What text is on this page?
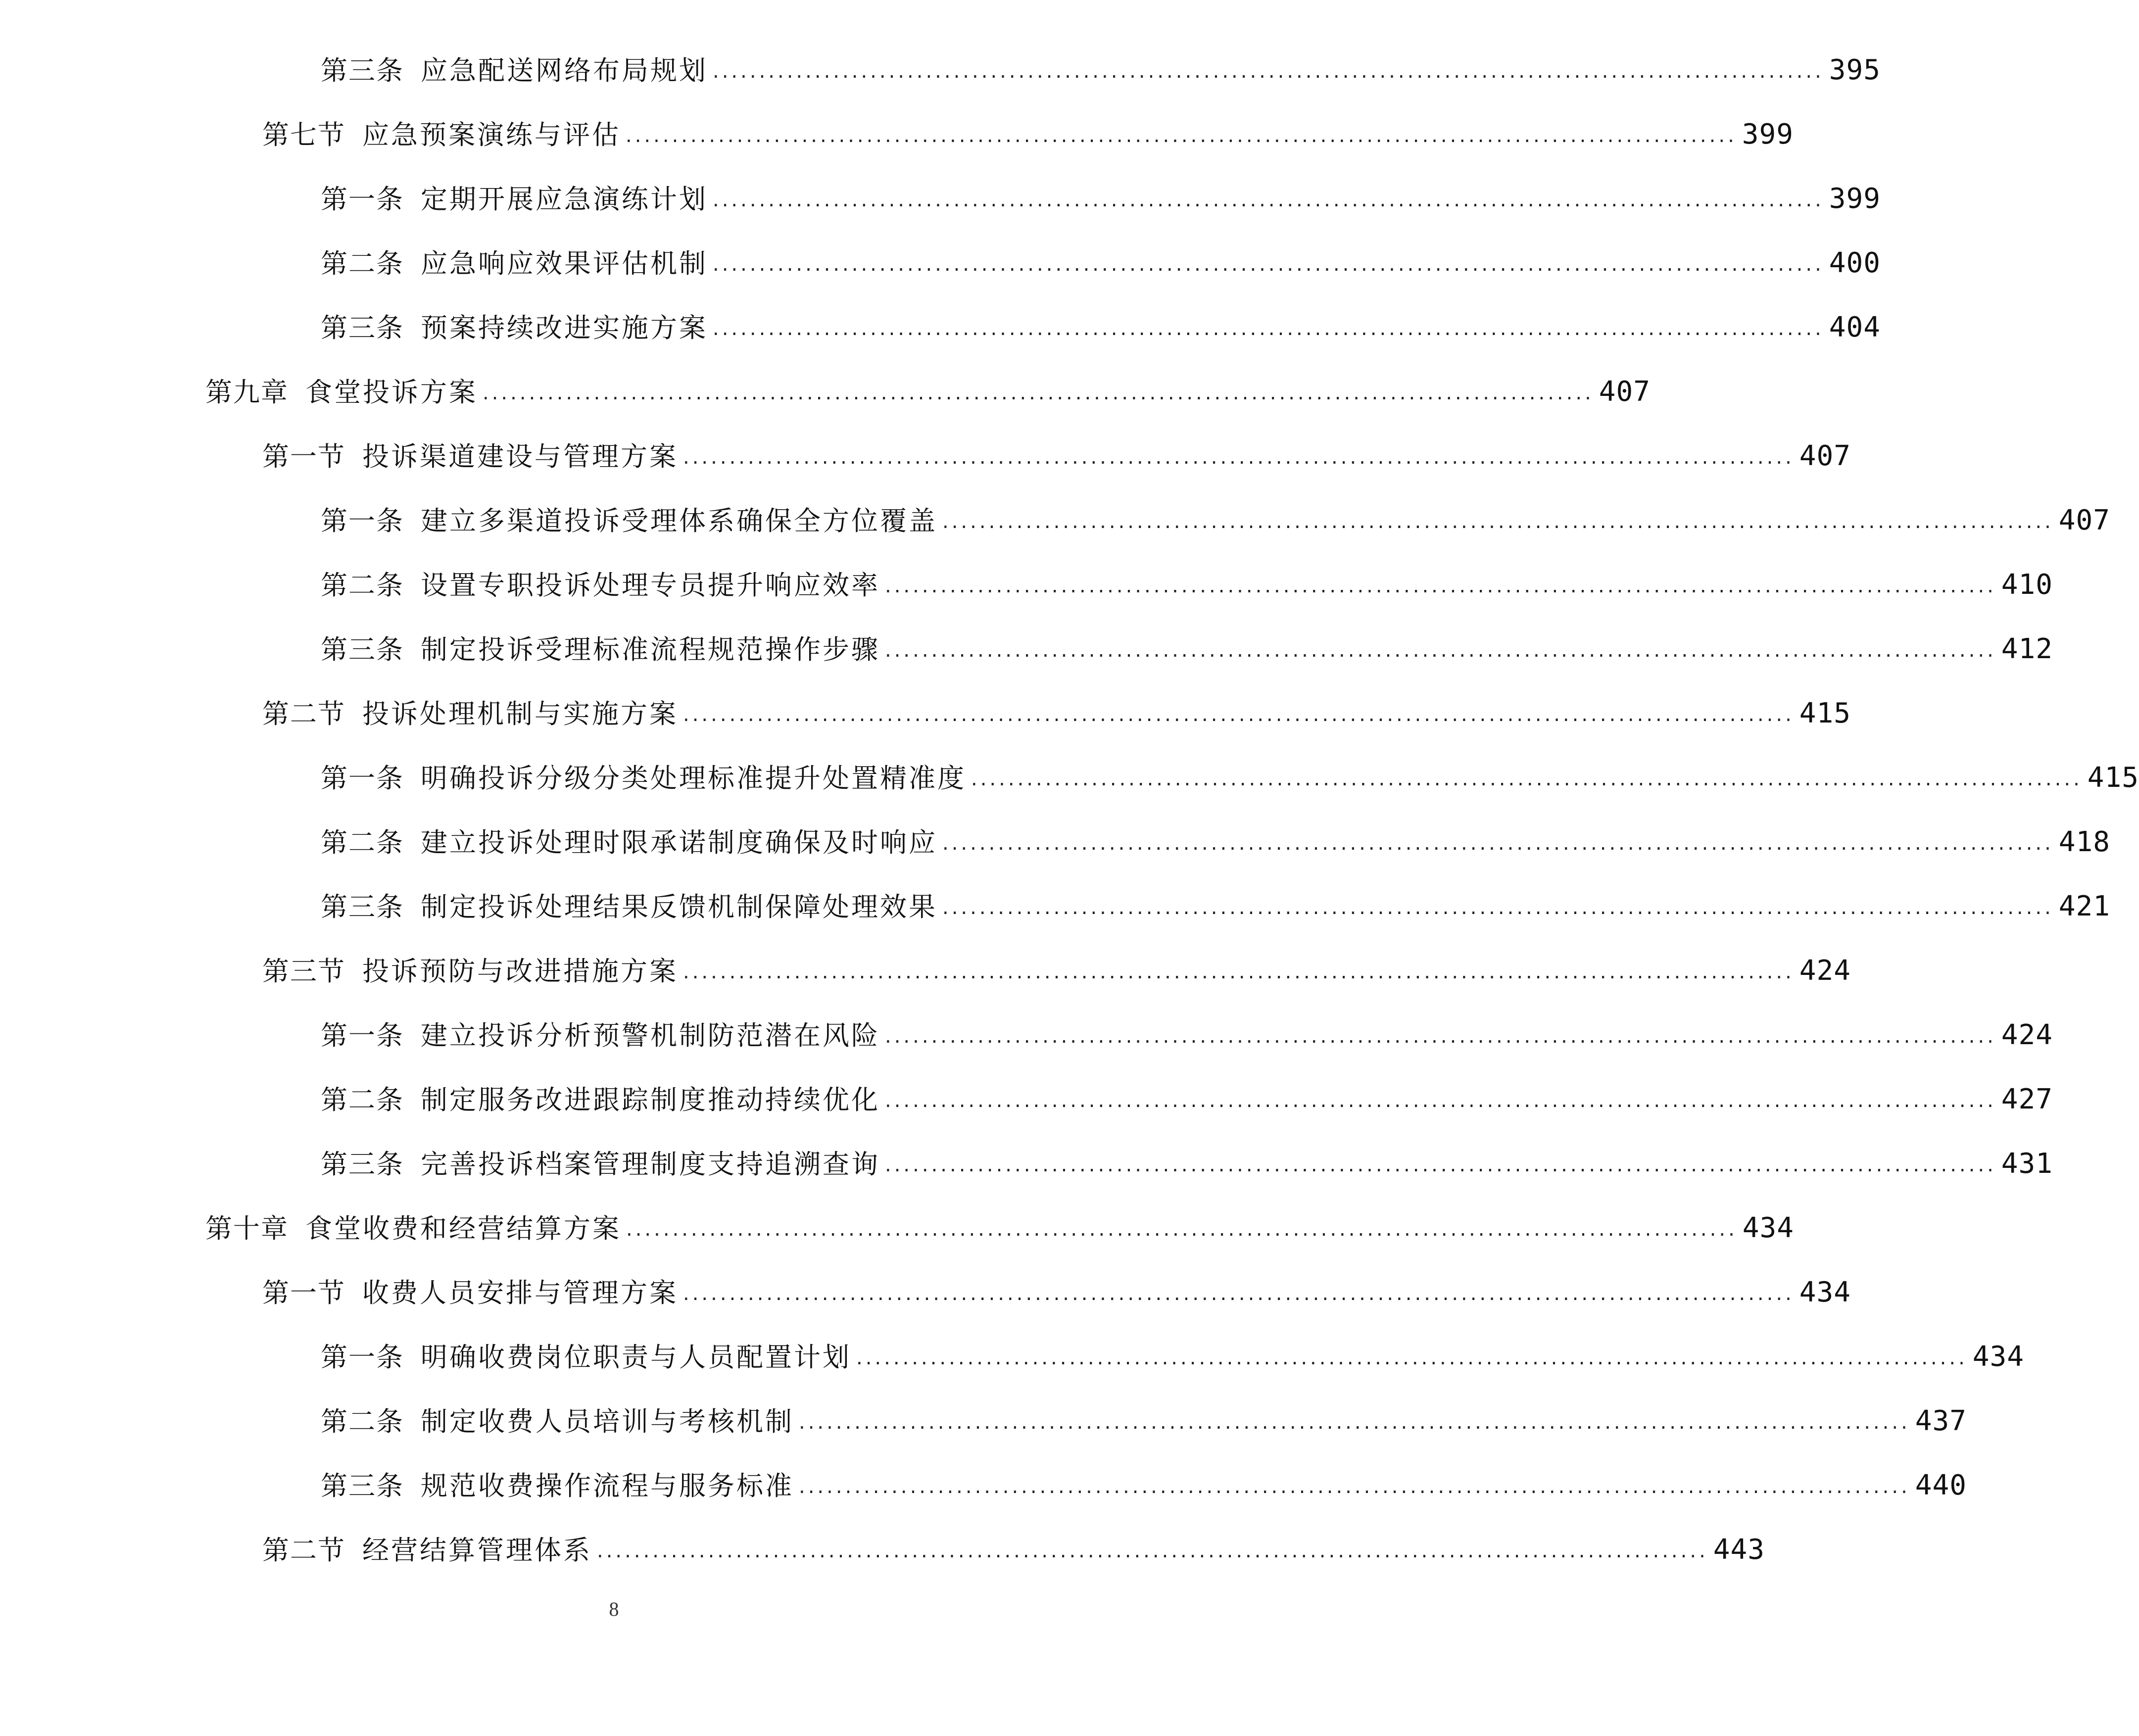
第三条 应急配送网络布局规划 ........................................................................................................................ 395
第七节 应急预案演练与评估 ........................................................................................................................ 399
第一条 定期开展应急演练计划 ........................................................................................................................ 399
第二条 应急响应效果评估机制 ........................................................................................................................ 400
第三条 预案持续改进实施方案 ........................................................................................................................ 404
第九章 食堂投诉方案 ........................................................................................................................ 407
第一节 投诉渠道建设与管理方案 ........................................................................................................................ 407
第一条 建立多渠道投诉受理体系确保全方位覆盖 ........................................................................................................................ 407
第二条 设置专职投诉处理专员提升响应效率 ........................................................................................................................ 410
第三条 制定投诉受理标准流程规范操作步骤 ........................................................................................................................ 412
第二节 投诉处理机制与实施方案 ........................................................................................................................ 415
第一条 明确投诉分级分类处理标准提升处置精准度 ........................................................................................................................ 415
第二条 建立投诉处理时限承诺制度确保及时响应 ........................................................................................................................ 418
第三条 制定投诉处理结果反馈机制保障处理效果 ........................................................................................................................ 421
第三节 投诉预防与改进措施方案 ........................................................................................................................ 424
第一条 建立投诉分析预警机制防范潜在风险 ........................................................................................................................ 424
第二条 制定服务改进跟踪制度推动持续优化 ........................................................................................................................ 427
第三条 完善投诉档案管理制度支持追溯查询 ........................................................................................................................ 431
第十章 食堂收费和经营结算方案 ........................................................................................................................ 434
第一节 收费人员安排与管理方案 ........................................................................................................................ 434
第一条 明确收费岗位职责与人员配置计划 ........................................................................................................................ 434
第二条 制定收费人员培训与考核机制 ........................................................................................................................ 437
第三条 规范收费操作流程与服务标准 ........................................................................................................................ 440
第二节 经营结算管理体系 ........................................................................................................................ 443
8
